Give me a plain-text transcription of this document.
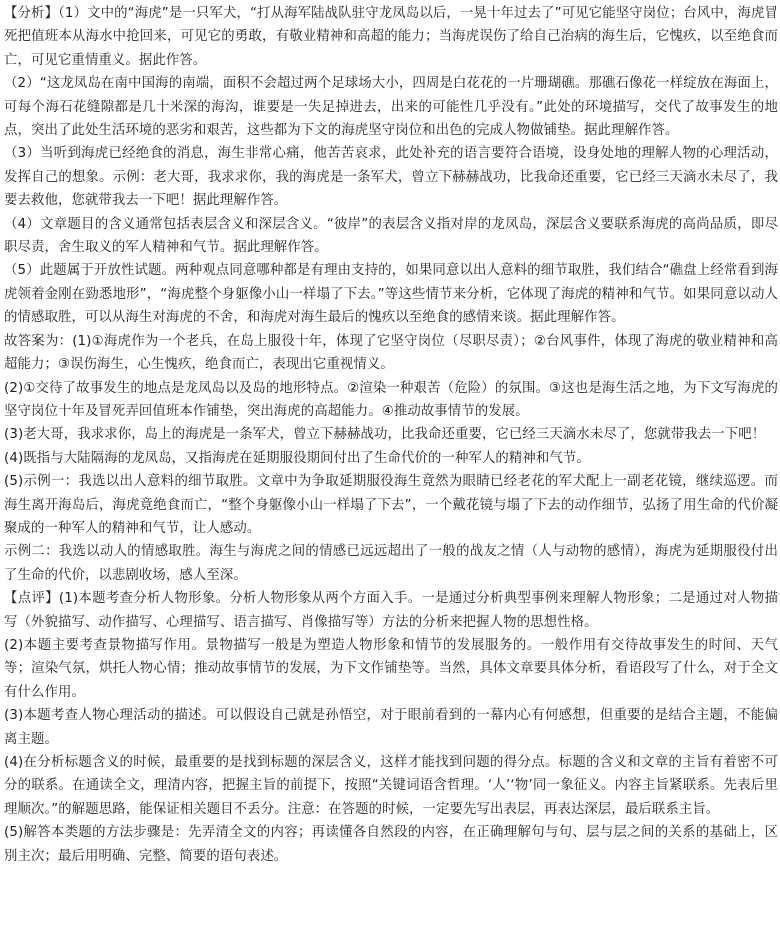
【分析】（1）文中的“海虎”是一只军犬，“打从海军陆战队驻守龙凤岛以后，一晃十年过去了”可见它能坚守岗位；台风中，海虎冒死把值班本从海水中抢回来，可见它的勇敢，有敬业精神和高超的能力；当海虎误伤了给自己治病的海生后，它愧疚，以至绝食而亡，可见它重情重义。据此作答。

（2）“这龙凤岛在南中国海的南端，面积不会超过两个足球场大小，四周是白花花的一片珊瑚礁。那礁石像花一样绽放在海面上，可每个海石花缝隙都是几十米深的海沟，谁要是一失足掉进去，出来的可能性几乎没有。”此处的环境描写，交代了故事发生的地点，突出了此处生活环境的恶劣和艰苦，这些都为下文的海虎坚守岗位和出色的完成人物做铺垫。据此理解作答。

（3）当听到海虎已经绝食的消息，海生非常心痛，他苦苦哀求，此处补充的语言要符合语境，设身处地的理解人物的心理活动，发挥自己的想象。示例：老大哥，我求求你，我的海虎是一条军犬，曾立下赫赫战功，比我命还重要，它已经三天滴水未尽了，我要去救他，您就带我去一下吧！据此理解作答。

（4）文章题目的含义通常包括表层含义和深层含义。“彼岸”的表层含义指对岸的龙凤岛，深层含义要联系海虎的高尚品质，即尽职尽责，舍生取义的军人精神和气节。据此理解作答。

（5）此题属于开放性试题。两种观点同意哪种都是有理由支持的，如果同意以出人意料的细节取胜，我们结合“礁盘上经常看到海虎领着金刚在勁悉地形”，“海虎整个身躯像小山一样塌了下去。”等这些情节来分析，它体现了海虎的精神和气节。如果同意以动人的情感取胜，可以从海生对海虎的不舍，和海虎对海生最后的愧疚以至绝食的感情来谈。据此理解作答。

故答案为：(1)①海虎作为一个老兵，在岛上服役十年，体现了它坚守岗位（尽职尽责）；②台风事件，体现了海虎的敬业精神和高超能力；③误伤海生，心生愧疚，绝食而亡，表现出它重视情义。

(2)①交待了故事发生的地点是龙凤岛以及岛的地形特点。②渲染一种艰苦（危险）的氛围。③这也是海生活之地，为下文写海虎的坚守岗位十年及冒死弄回值班本作铺垫，突出海虎的高超能力。④推动故事情节的发展。

(3)老大哥，我求求你，岛上的海虎是一条军犬，曾立下赫赫战功，比我命还重要，它已经三天滴水未尽了，您就带我去一下吧！

(4)既指与大陆隔海的龙凤岛，又指海虎在延期服役期间付出了生命代价的一种军人的精神和气节。

(5)示例一：我选以出人意料的细节取胜。文章中为争取延期服役海生竟然为眼睛已经老花的军犬配上一副老花镜，继续巡逻。而海生离开海岛后，海虎竟绝食而亡，“整个身躯像小山一样塌了下去”，一个戴花镜与塌了下去的动作细节，弘扬了用生命的代价凝聚成的一种军人的精神和气节，让人感动。

示例二：我选以动人的情感取胜。海生与海虎之间的情感已远远超出了一般的战友之情（人与动物的感情），海虎为延期服役付出了生命的代价，以悲剧收场，感人至深。

【点评】(1)本题考查分析人物形象。分析人物形象从两个方面入手。一是通过分析典型事例来理解人物形象；二是通过对人物描写（外貌描写、动作描写、心理描写、语言描写、肖像描写等）方法的分析来把握人物的思想性格。

(2)本题主要考查景物描写作用。景物描写一般是为塑造人物形象和情节的发展服务的。一般作用有交待故事发生的时间、天气等；渲染气氛，烘托人物心情；推动故事情节的发展，为下文作铺垫等。当然，具体文章要具体分析，看语段写了什么，对于全文有什么作用。

(3)本题考查人物心理活动的描述。可以假设自己就是孙悟空，对于眼前看到的一幕内心有何感想，但重要的是结合主题，不能偏离主题。

(4)在分析标题含义的时候，最重要的是找到标题的深层含义，这样才能找到问题的得分点。标题的含义和文章的主旨有着密不可分的联系。在通读全文，理清内容，把握主旨的前提下，按照“关键词语含哲理。‘人’‘物’同一象征义。内容主旨紧联系。先表后里理顺次。”的解题思路，能保证相关题目不丢分。注意：在答题的时候，一定要先写出表层，再表达深层，最后联系主旨。

(5)解答本类题的方法步骤是：先弄清全文的内容；再读懂各自然段的内容，在正确理解句与句、层与层之间的关系的基础上，区別主次；最后用明确、完整、简要的语句表述。
